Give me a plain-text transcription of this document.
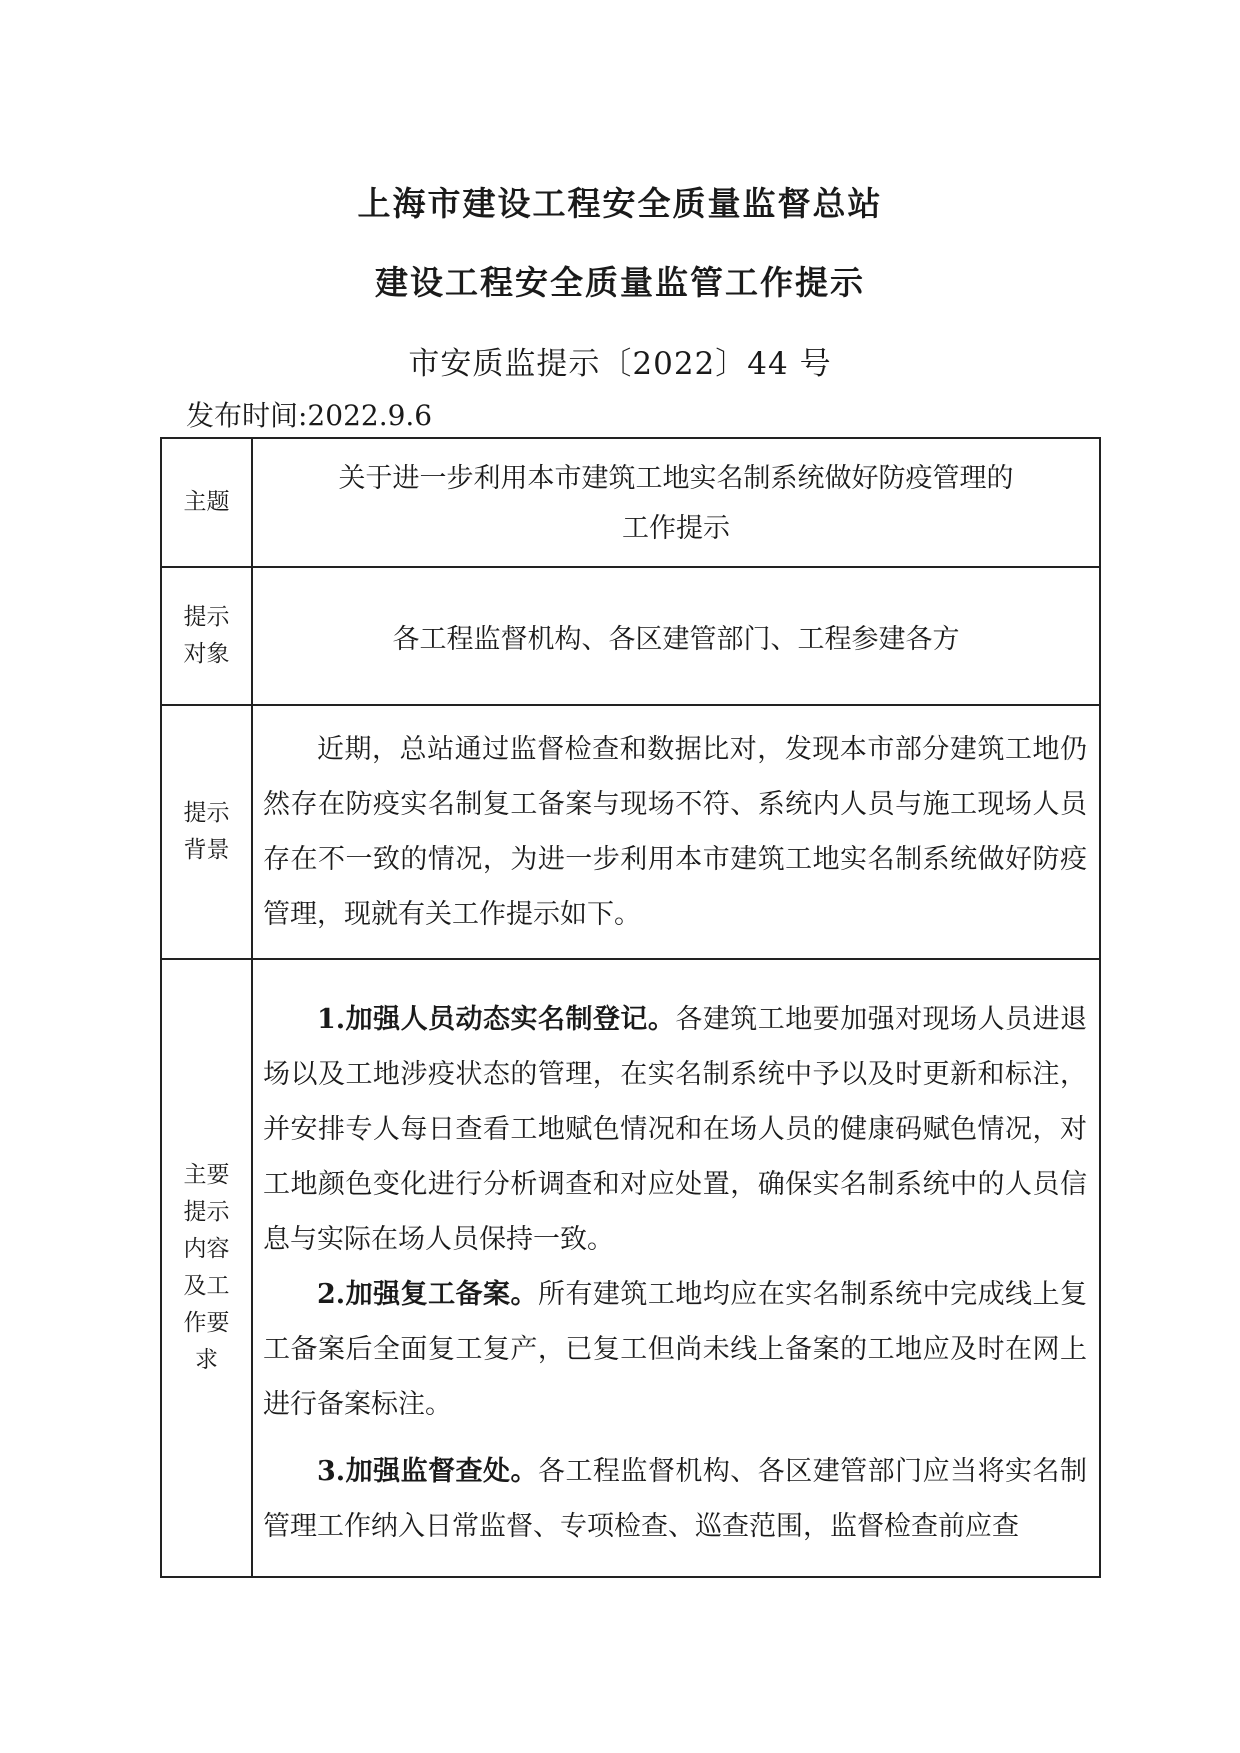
上海市建设工程安全质量监督总站
建设工程安全质量监管工作提示
市安质监提示〔2022〕44 号
发布时间:2022.9.6
主题	关于进一步利用本市建筑工地实名制系统做好防疫管理的
工作提示

提示对象	各工程监督机构、各区建管部门、工程参建各方

提示背景	近期，总站通过监督检查和数据比对，发现本市部分建筑工地仍然存在防疫实名制复工备案与现场不符、系统内人员与施工现场人员存在不一致的情况，为进一步利用本市建筑工地实名制系统做好防疫管理，现就有关工作提示如下。

主要提示内容及工作要求	1.加强人员动态实名制登记。各建筑工地要加强对现场人员进退场以及工地涉疫状态的管理，在实名制系统中予以及时更新和标注，并安排专人每日查看工地赋色情况和在场人员的健康码赋色情况，对工地颜色变化进行分析调查和对应处置，确保实名制系统中的人员信息与实际在场人员保持一致。

2.加强复工备案。所有建筑工地均应在实名制系统中完成线上复工备案后全面复工复产，已复工但尚未线上备案的工地应及时在网上进行备案标注。

3.加强监督查处。各工程监督机构、各区建管部门应当将实名制管理工作纳入日常监督、专项检查、巡查范围，监督检查前应查
